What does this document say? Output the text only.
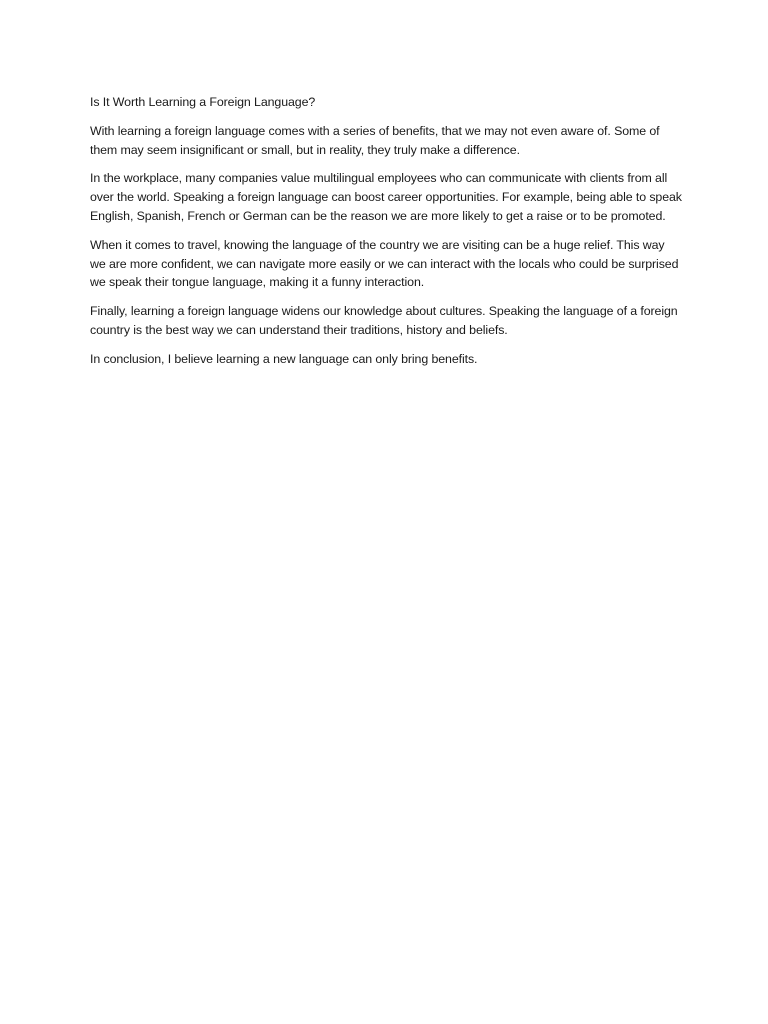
Is It Worth Learning a Foreign Language?

With learning a foreign language comes with a series of benefits, that we may not even aware of. Some of them may seem insignificant or small, but in reality, they truly make a difference.

In the workplace, many companies value multilingual employees who can communicate with clients from all over the world. Speaking a foreign language can boost career opportunities. For example, being able to speak English, Spanish, French or German can be the reason we are more likely to get a raise or to be promoted.

When it comes to travel, knowing the language of the country we are visiting can be a huge relief. This way we are more confident, we can navigate more easily or we can interact with the locals who could be surprised we speak their tongue language, making it a funny interaction.

Finally, learning a foreign language widens our knowledge about cultures. Speaking the language of a foreign country is the best way we can understand their traditions, history and beliefs.

In conclusion, I believe learning a new language can only bring benefits.
